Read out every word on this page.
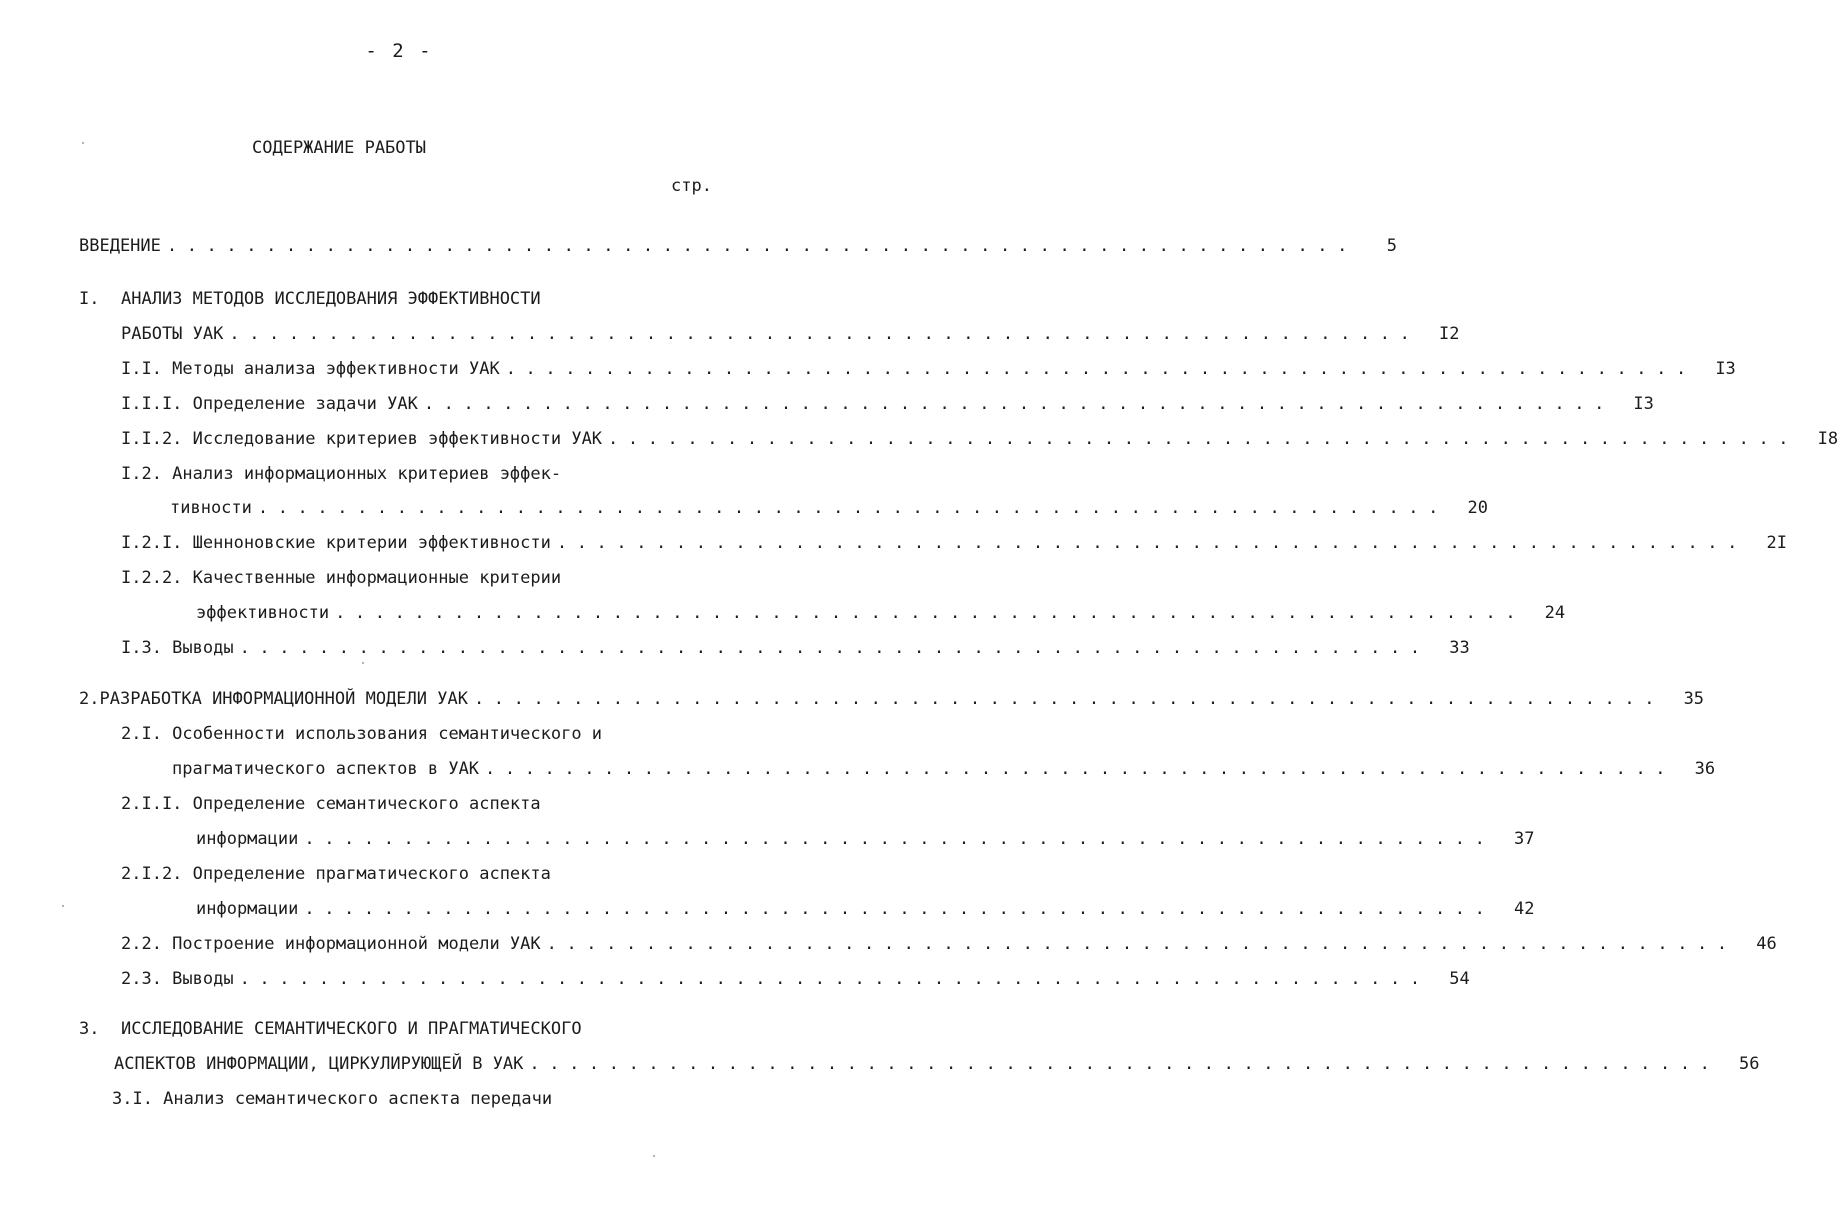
- 2 -
СОДЕРЖАНИЕ РАБОТЫ
стр.
ВВЕДЕНИЕ ............................................................	5
I.	АНАЛИЗ МЕТОДОВ ИССЛЕДОВАНИЯ ЭФФЕКТИВНОСТИ
РАБОТЫ УАК ............................................................	I2
I.I. Методы анализа эффективности УАК ............................................................	I3
I.I.I. Определение задачи УАК ............................................................	I3
I.I.2. Исследование критериев эффективности УАК ............................................................	I8
I.2. Анализ информационных критериев эффек-
тивности ............................................................	20
I.2.I. Шенноновские критерии эффективности ............................................................	2I
I.2.2. Качественные информационные критерии
эффективности ............................................................	24
I.3. Выводы ............................................................	33
2. РАЗРАБОТКА ИНФОРМАЦИОННОЙ МОДЕЛИ УАК ............................................................	35
2.I. Особенности использования семантического и
прагматического аспектов в УАК ............................................................	36
2.I.I. Определение семантического аспекта
информации ............................................................	37
2.I.2. Определение прагматического аспекта
информации ............................................................	42
2.2. Построение информационной модели УАК ............................................................	46
2.3. Выводы ............................................................	54
3.	ИССЛЕДОВАНИЕ СЕМАНТИЧЕСКОГО И ПРАГМАТИЧЕСКОГО
АСПЕКТОВ ИНФОРМАЦИИ, ЦИРКУЛИРУЮЩЕЙ В УАК ............................................................	56
3.I. Анализ семантического аспекта передачи
